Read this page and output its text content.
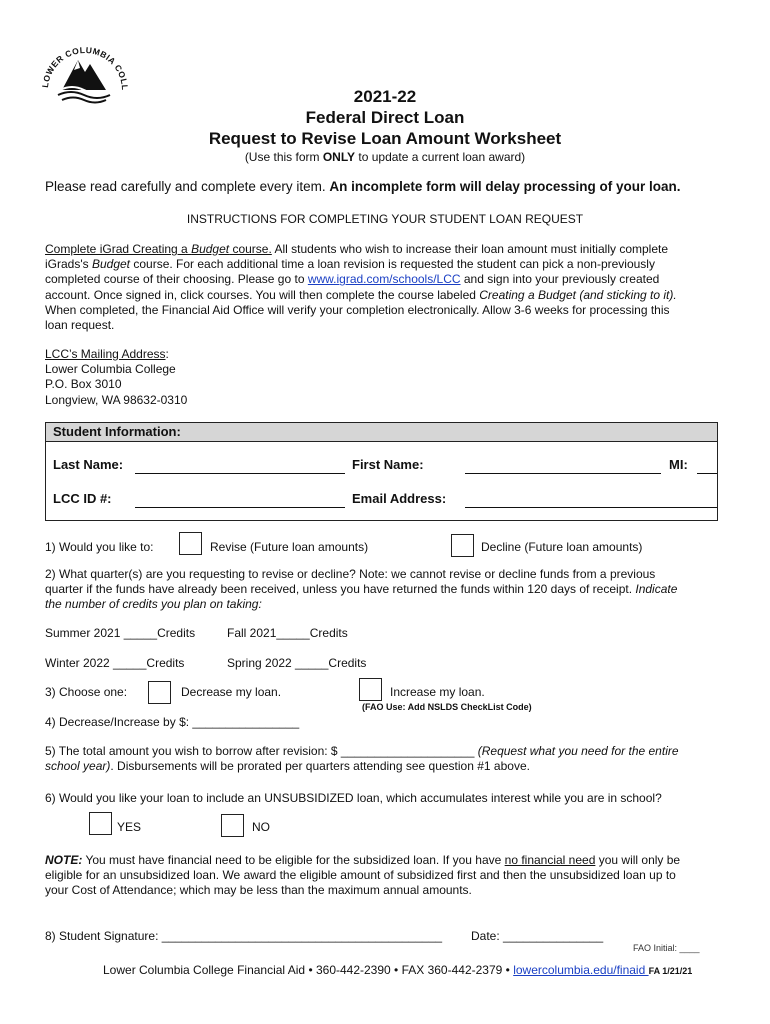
LOWER COLUMBIA COLL	2021-22
Federal Direct Loan
Request to Revise Loan Amount Worksheet
(Use this form ONLY to update a current loan award)
Please read carefully and complete every item. An incomplete form will delay processing of your loan.
INSTRUCTIONS FOR COMPLETING YOUR STUDENT LOAN REQUEST
Complete iGrad Creating a Budget course. All students who wish to increase their loan amount must initially complete
iGrads's Budget course. For each additional time a loan revision is requested the student can pick a non-previously
completed course of their choosing. Please go to www.igrad.com/schools/LCC and sign into your previously created
account. Once signed in, click courses. You will then complete the course labeled Creating a Budget (and sticking to it).
When completed, the Financial Aid Office will verify your completion electronically. Allow 3-6 weeks for processing this
loan request.
LCC’s Mailing Address:
Lower Columbia College
P.O. Box 3010
Longview, WA 98632-0310
Student Information:
Last Name:	First Name:	MI:
LCC ID #:	Email Address:
1) Would you like to:	Revise (Future loan amounts)	Decline (Future loan amounts)
2) What quarter(s) are you requesting to revise or decline? Note: we cannot revise or decline funds from a previous
quarter if the funds have already been received, unless you have returned the funds within 120 days of receipt. Indicate
the number of credits you plan on taking:
Summer 2021 _____Credits	Fall 2021_____Credits
Winter 2022 _____Credits	Spring 2022 _____Credits
3) Choose one:	Decrease my loan.	Increase my loan.
(FAO Use: Add NSLDS CheckList Code)
4) Decrease/Increase by $: ________________
5) The total amount you wish to borrow after revision: $ ____________________ (Request what you need for the entire
school year). Disbursements will be prorated per quarters attending see question #1 above.
6) Would you like your loan to include an UNSUBSIDIZED loan, which accumulates interest while you are in school?
YES	NO
NOTE: You must have financial need to be eligible for the subsidized loan. If you have no financial need you will only be
eligible for an unsubsidized loan. We award the eligible amount of subsidized first and then the unsubsidized loan up to
your Cost of Attendance; which may be less than the maximum annual amounts.
8) Student Signature: __________________________________________ Date: _______________
FAO Initial: ____
Lower Columbia College Financial Aid • 360-442-2390 • FAX 360-442-2379 • lowercolumbia.edu/finaid FA 1/21/21
